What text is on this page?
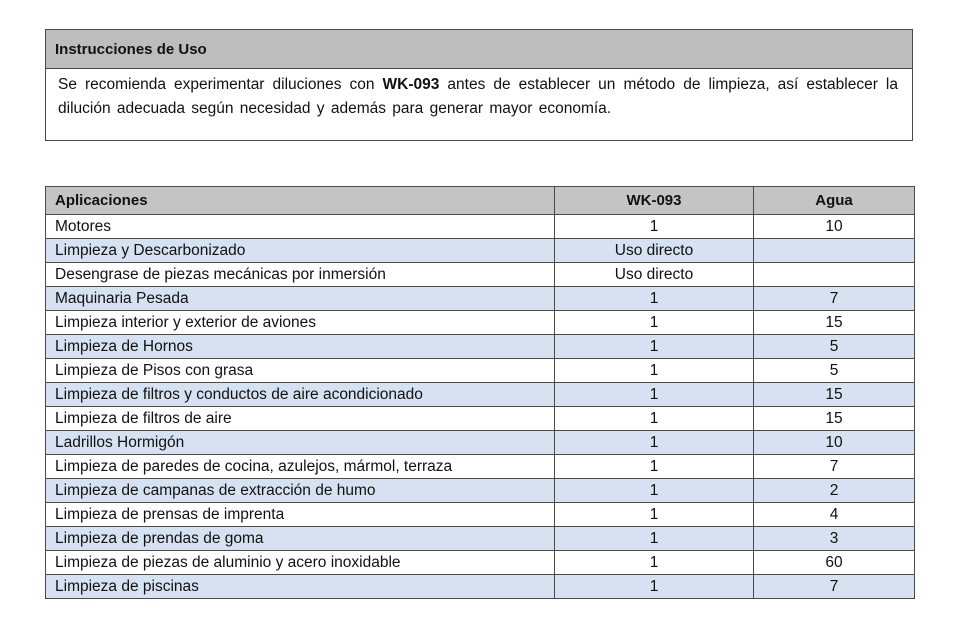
Instrucciones de Uso
Se recomienda experimentar diluciones con WK-093 antes de establecer un método de limpieza, así establecer la dilución adecuada según necesidad y además para generar mayor economía.
Aplicaciones	WK-093	Agua
Motores	1	10
Limpieza y Descarbonizado	Uso directo	
Desengrase de piezas mecánicas por inmersión	Uso directo	
Maquinaria Pesada	1	7
Limpieza interior y exterior de aviones	1	15
Limpieza de Hornos	1	5
Limpieza de Pisos con grasa	1	5
Limpieza de filtros y conductos de aire acondicionado	1	15
Limpieza de filtros de aire	1	15
Ladrillos Hormigón	1	10
Limpieza de paredes de cocina, azulejos, mármol, terraza	1	7
Limpieza de campanas de extracción de humo	1	2
Limpieza de prensas de imprenta	1	4
Limpieza de prendas de goma	1	3
Limpieza de piezas de aluminio y acero inoxidable	1	60
Limpieza de piscinas	1	7
